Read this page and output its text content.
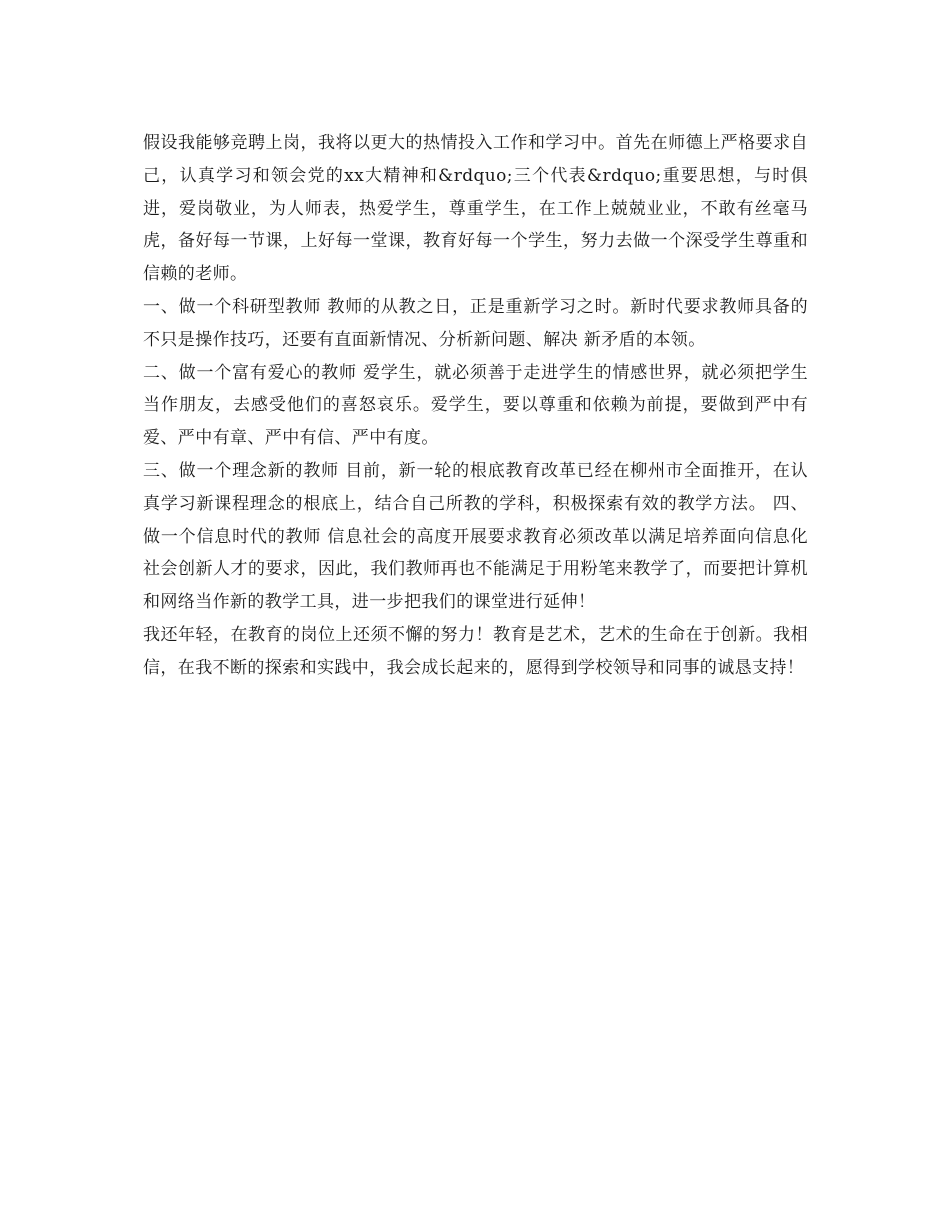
假设我能够竞聘上岗，我将以更大的热情投入工作和学习中。首先在师德上严格要求自己，认真学习和领会党的xx大精神和&rdquo;三个代表&rdquo;重要思想，与时俱进，爱岗敬业，为人师表，热爱学生，尊重学生，在工作上兢兢业业，不敢有丝毫马虎，备好每一节课，上好每一堂课，教育好每一个学生，努力去做一个深受学生尊重和信赖的老师。

一、做一个科研型教师 教师的从教之日，正是重新学习之时。新时代要求教师具备的不只是操作技巧，还要有直面新情况、分析新问题、解决 新矛盾的本领。

二、做一个富有爱心的教师 爱学生，就必须善于走进学生的情感世界，就必须把学生当作朋友，去感受他们的喜怒哀乐。爱学生，要以尊重和依赖为前提，要做到严中有爱、严中有章、严中有信、严中有度。

三、做一个理念新的教师 目前，新一轮的根底教育改革已经在柳州市全面推开，在认真学习新课程理念的根底上，结合自己所教的学科，积极探索有效的教学方法。 四、做一个信息时代的教师 信息社会的高度开展要求教育必须改革以满足培养面向信息化社会创新人才的要求，因此，我们教师再也不能满足于用粉笔来教学了，而要把计算机和网络当作新的教学工具，进一步把我们的课堂进行延伸！

我还年轻，在教育的岗位上还须不懈的努力！教育是艺术，艺术的生命在于创新。我相信，在我不断的探索和实践中，我会成长起来的，愿得到学校领导和同事的诚恳支持！
